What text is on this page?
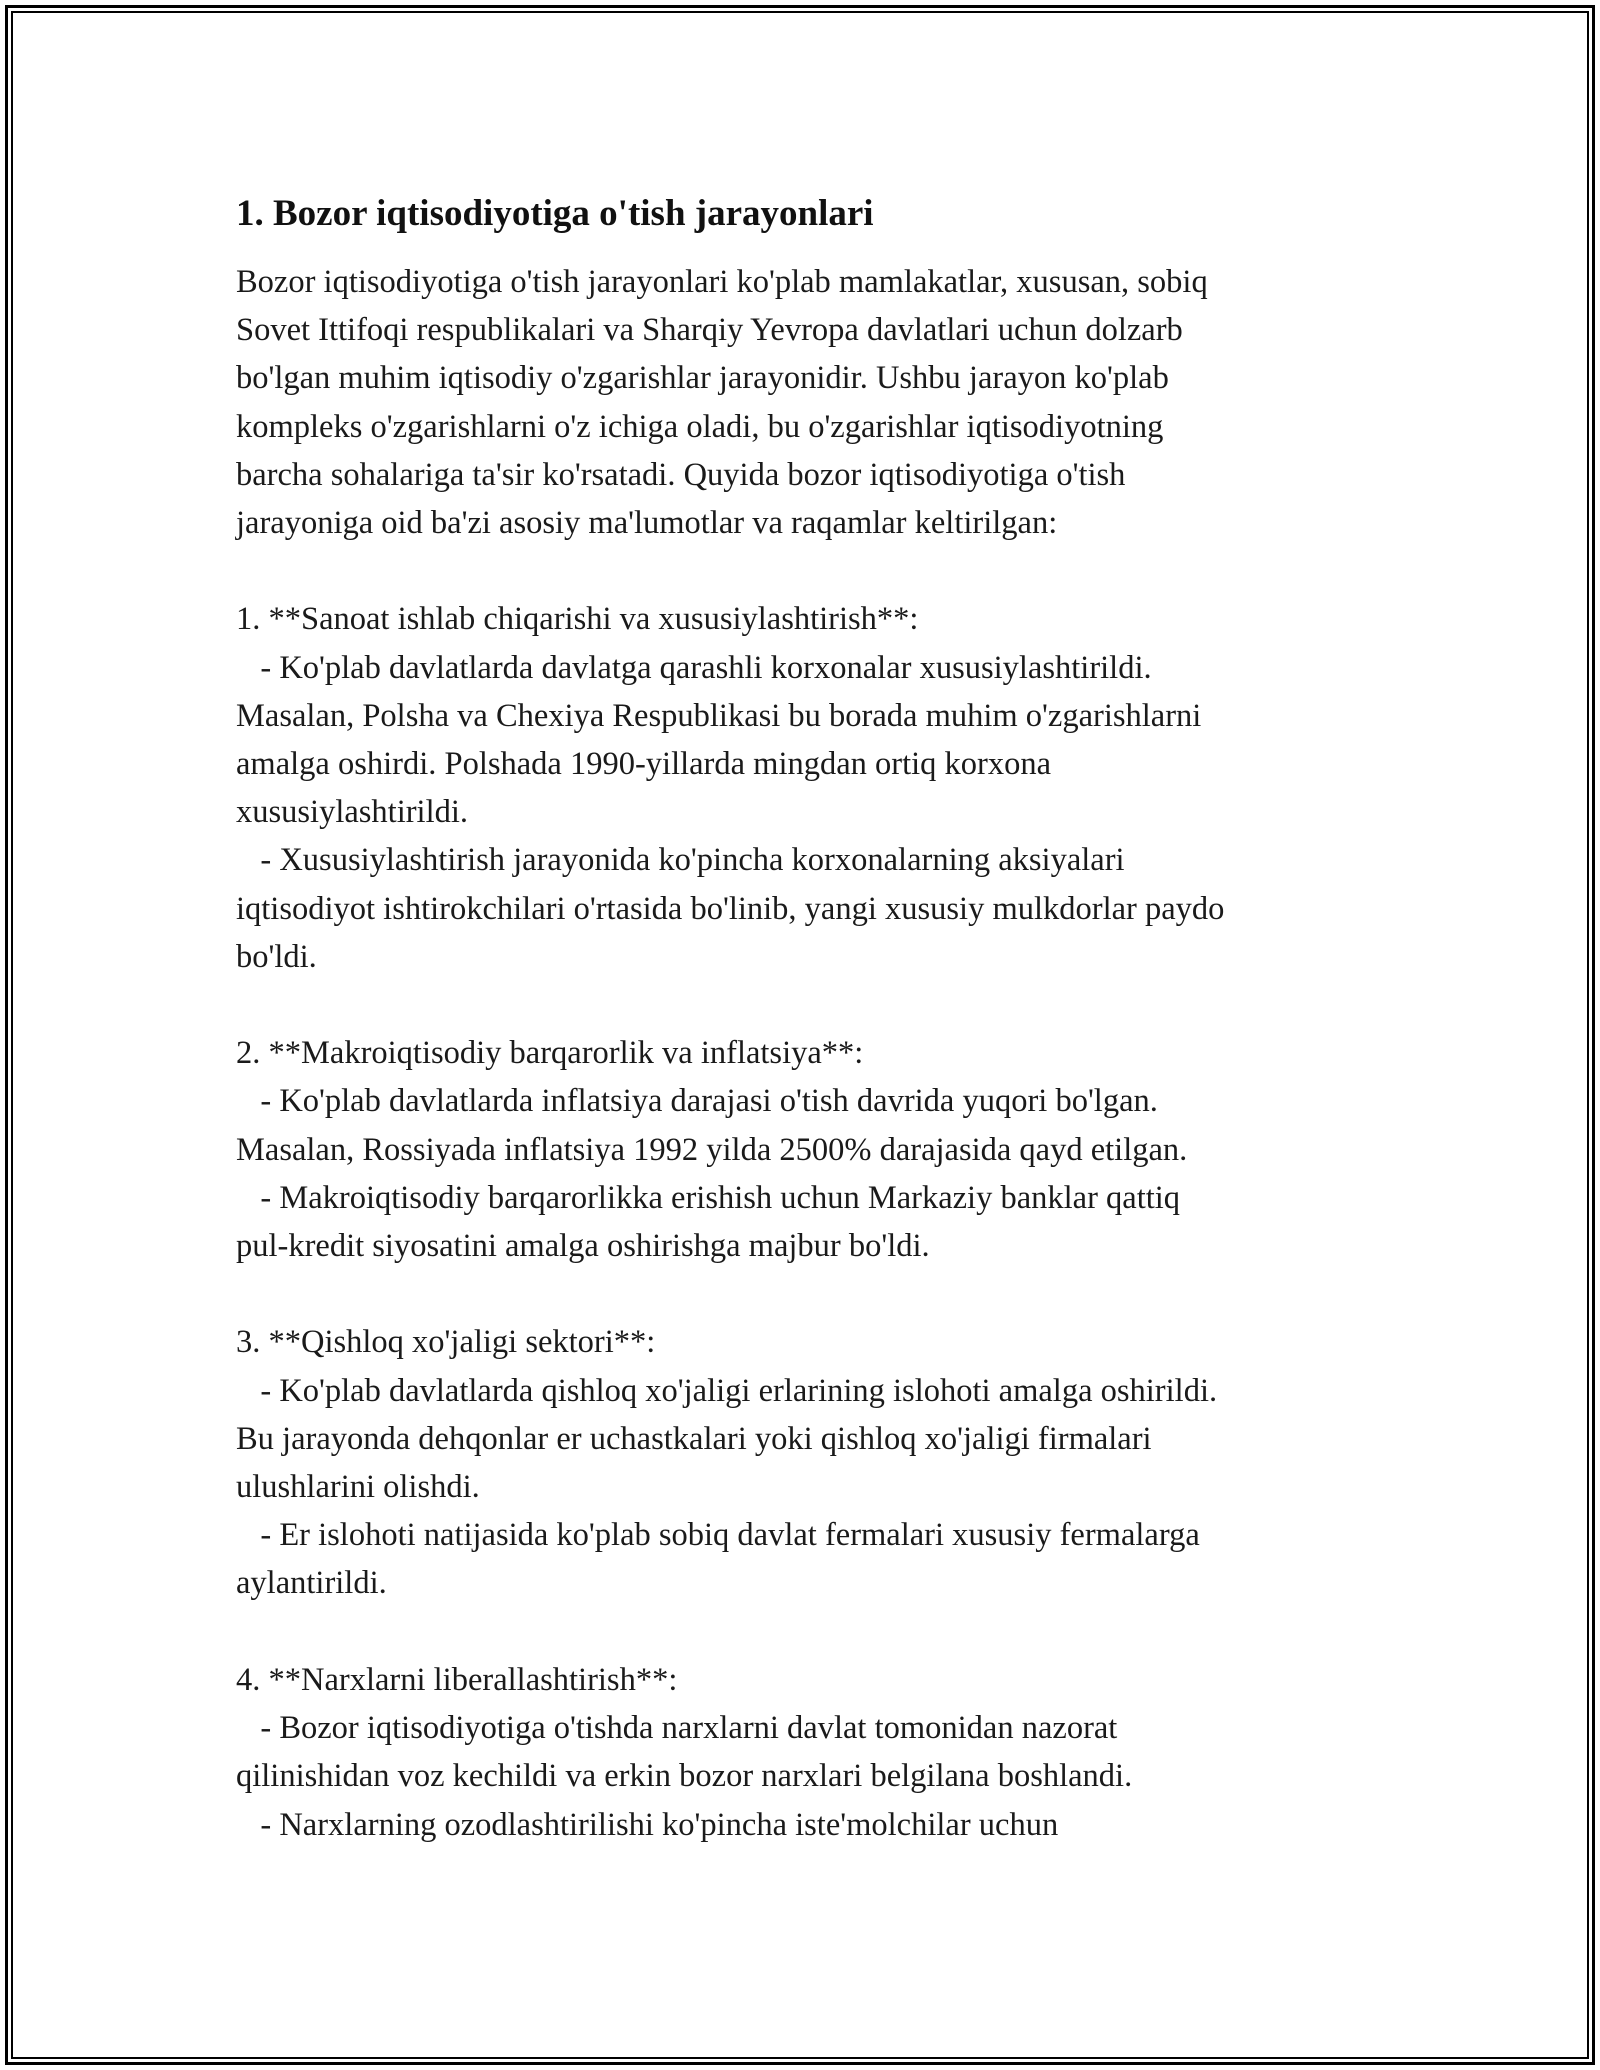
1. Bozor iqtisodiyotiga o'tish jarayonlari

Bozor iqtisodiyotiga o'tish jarayonlari ko'plab mamlakatlar, xususan, sobiq
Sovet Ittifoqi respublikalari va Sharqiy Yevropa davlatlari uchun dolzarb
bo'lgan muhim iqtisodiy o'zgarishlar jarayonidir. Ushbu jarayon ko'plab
kompleks o'zgarishlarni o'z ichiga oladi, bu o'zgarishlar iqtisodiyotning
barcha sohalariga ta'sir ko'rsatadi. Quyida bozor iqtisodiyotiga o'tish
jarayoniga oid ba'zi asosiy ma'lumotlar va raqamlar keltirilgan:

1. **Sanoat ishlab chiqarishi va xususiylashtirish**:
- Ko'plab davlatlarda davlatga qarashli korxonalar xususiylashtirildi.
Masalan, Polsha va Chexiya Respublikasi bu borada muhim o'zgarishlarni
amalga oshirdi. Polshada 1990-yillarda mingdan ortiq korxona
xususiylashtirildi.
- Xususiylashtirish jarayonida ko'pincha korxonalarning aksiyalari
iqtisodiyot ishtirokchilari o'rtasida bo'linib, yangi xususiy mulkdorlar paydo
bo'ldi.

2. **Makroiqtisodiy barqarorlik va inflatsiya**:
- Ko'plab davlatlarda inflatsiya darajasi o'tish davrida yuqori bo'lgan.
Masalan, Rossiyada inflatsiya 1992 yilda 2500% darajasida qayd etilgan.
- Makroiqtisodiy barqarorlikka erishish uchun Markaziy banklar qattiq
pul-kredit siyosatini amalga oshirishga majbur bo'ldi.

3. **Qishloq xo'jaligi sektori**:
- Ko'plab davlatlarda qishloq xo'jaligi erlarining islohoti amalga oshirildi.
Bu jarayonda dehqonlar er uchastkalari yoki qishloq xo'jaligi firmalari
ulushlarini olishdi.
- Er islohoti natijasida ko'plab sobiq davlat fermalari xususiy fermalarga
aylantirildi.

4. **Narxlarni liberallashtirish**:
- Bozor iqtisodiyotiga o'tishda narxlarni davlat tomonidan nazorat
qilinishidan voz kechildi va erkin bozor narxlari belgilana boshlandi.
- Narxlarning ozodlashtirilishi ko'pincha iste'molchilar uchun
